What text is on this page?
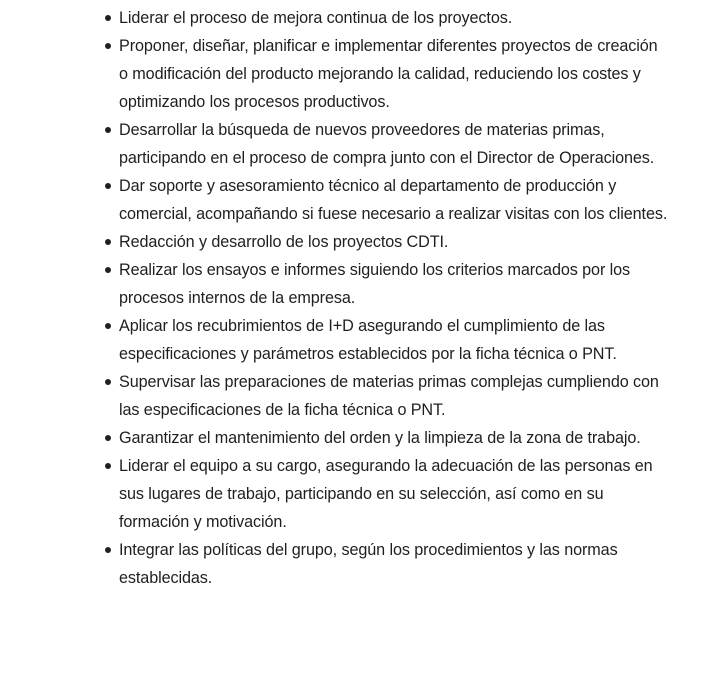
Liderar el proceso de mejora continua de los proyectos.
Proponer, diseñar, planificar e implementar diferentes proyectos de creación o modificación del producto mejorando la calidad, reduciendo los costes y optimizando los procesos productivos.
Desarrollar la búsqueda de nuevos proveedores de materias primas, participando en el proceso de compra junto con el Director de Operaciones.
Dar soporte y asesoramiento técnico al departamento de producción y comercial, acompañando si fuese necesario a realizar visitas con los clientes.
Redacción y desarrollo de los proyectos CDTI.
Realizar los ensayos e informes siguiendo los criterios marcados por los procesos internos de la empresa.
Aplicar los recubrimientos de I+D asegurando el cumplimiento de las especificaciones y parámetros establecidos por la ficha técnica o PNT.
Supervisar las preparaciones de materias primas complejas cumpliendo con las especificaciones de la ficha técnica o PNT.
Garantizar el mantenimiento del orden y la limpieza de la zona de trabajo.
Liderar el equipo a su cargo, asegurando la adecuación de las personas en sus lugares de trabajo, participando en su selección, así como en su formación y motivación.
Integrar las políticas del grupo, según los procedimientos y las normas establecidas.
